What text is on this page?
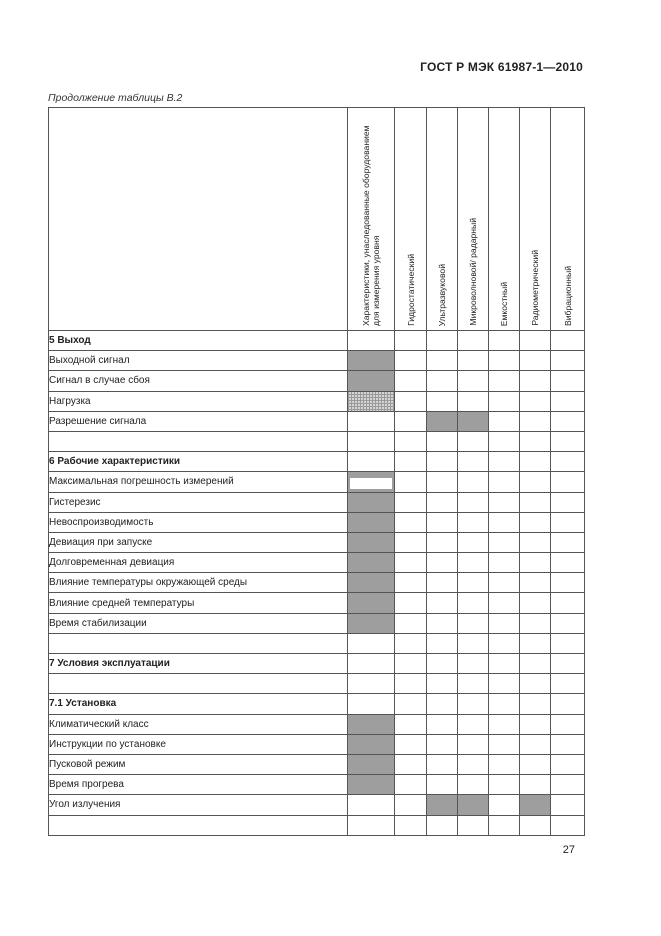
ГОСТ Р МЭК 61987-1—2010
Продолжение таблицы В.2

	Характеристики, унаследованные оборудованием для измерения уровня	Гидростатический	Ультразвуковой	Микроволновой/ радарный	Емкостный	Радиометрический	Вибрационный

5 Выход							
Выходной сигнал							
Сигнал в случае сбоя							
Нагрузка							
Разрешение сигнала							

6 Рабочие характеристики							
Максимальная погрешность измерений	

Гистерезис							
Невоспроизводимость							
Девиация при запуске							
Долговременная девиация							
Влияние температуры окружающей среды							
Влияние средней температуры							
Время стабилизации							

7 Условия эксплуатации							

7.1 Установка							
Климатический класс							
Инструкции по установке							
Пусковой режим							
Время прогрева							
Угол излучения							

27
